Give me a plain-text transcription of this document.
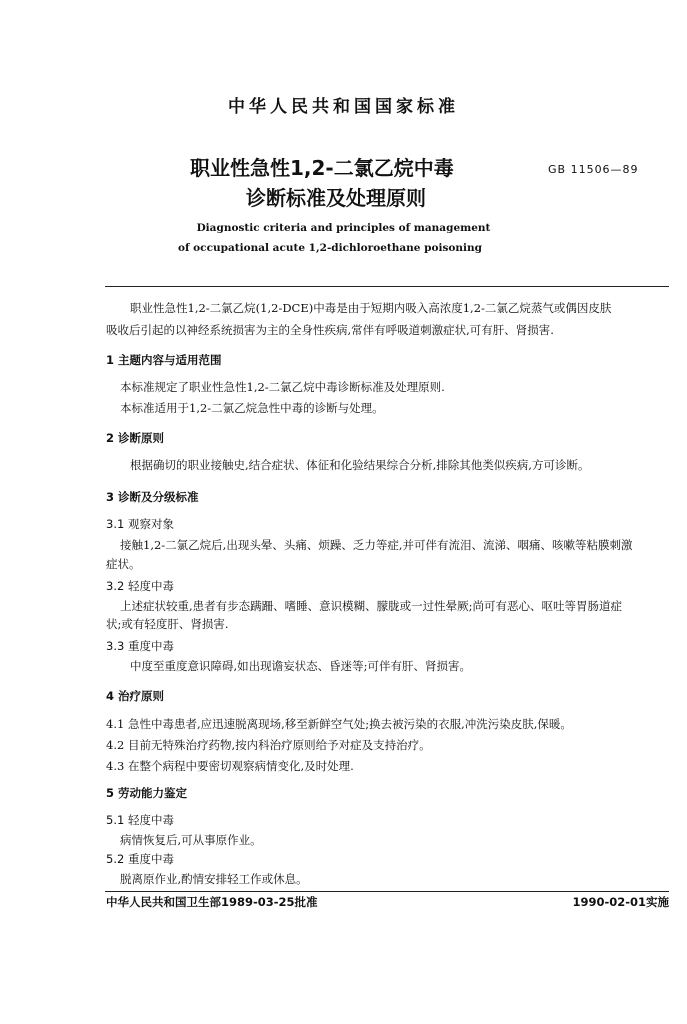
中华人民共和国国家标准
职业性急性1,2-二氯乙烷中毒
诊断标准及处理原则
GB 11506—89
Diagnostic criteria and principles of management
of occupational acute 1,2-dichloroethane poisoning
职业性急性1,2-二氯乙烷(1,2-DCE)中毒是由于短期内吸入高浓度1,2-二氯乙烷蒸气或偶因皮肤
吸收后引起的以神经系统损害为主的全身性疾病,常伴有呼吸道刺激症状,可有肝、肾损害.
1 主题内容与适用范围
本标准规定了职业性急性1,2-二氯乙烷中毒诊断标准及处理原则.
本标准适用于1,2-二氯乙烷急性中毒的诊断与处理。
2 诊断原则
根据确切的职业接触史,结合症状、体征和化验结果综合分析,排除其他类似疾病,方可诊断。
3 诊断及分级标准
3.1 观察对象
接触1,2-二氯乙烷后,出现头晕、头痛、烦躁、乏力等症,并可伴有流泪、流涕、咽痛、咳嗽等粘膜刺激
症状。
3.2 轻度中毒
上述症状较重,患者有步态蹒跚、嗜睡、意识模糊、朦胧或一过性晕厥;尚可有恶心、呕吐等胃肠道症
状;或有轻度肝、肾损害.
3.3 重度中毒
中度至重度意识障碍,如出现谵妄状态、昏迷等;可伴有肝、肾损害。
4 治疗原则
4.1 急性中毒患者,应迅速脱离现场,移至新鲜空气处;换去被污染的衣服,冲洗污染皮肤,保暖。
4.2 目前无特殊治疗药物,按内科治疗原则给予对症及支持治疗。
4.3 在整个病程中要密切观察病情变化,及时处理.
5 劳动能力鉴定
5.1 轻度中毒
病情恢复后,可从事原作业。
5.2 重度中毒
脱离原作业,酌情安排轻工作或休息。
中华人民共和国卫生部1989-03-25批准	1990-02-01实施
